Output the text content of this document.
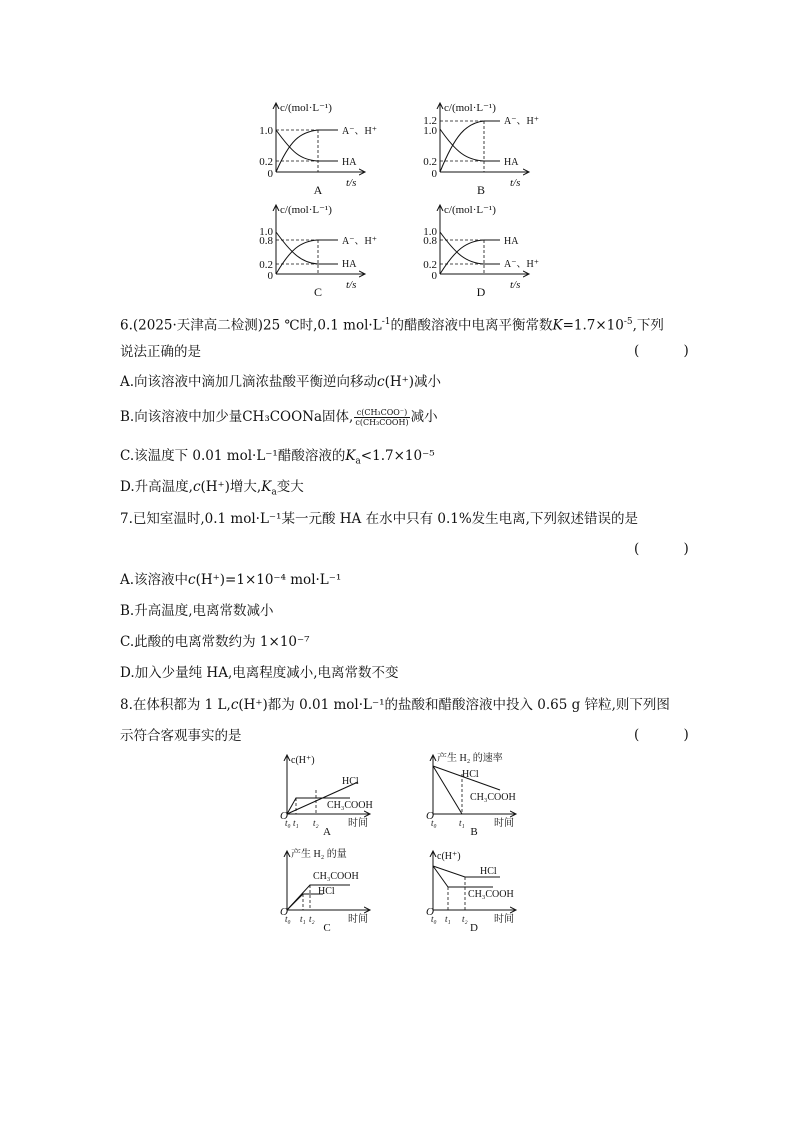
c/(mol·L⁻¹)
1.0
0.2
0
A⁻、H⁺
HA
t/s
A
c/(mol·L⁻¹)
1.2
1.0
0.2
0
A⁻、H⁺
HA
t/s
B
c/(mol·L⁻¹)
1.0
0.8
0.2
0
A⁻、H⁺
HA
t/s
C
c/(mol·L⁻¹)
1.0
0.8
0.2
0
HA
A⁻、H⁺
t/s
D
6.(2025·天津高二检测)25 ℃时,0.1 $mol\cdot L^{-1}$的醋酸溶液中电离平衡常数$K=1.7\times 10^{-5}$,下列
说法正确的是	( )
A.向该溶液中滴加几滴浓盐酸平衡逆向移动c(H⁺)减小
B.向该溶液中加少量CH₃COONa固体, $\frac{\text{c(CH₃COO⁻)}}{\text{c(CH₃COOH)}}$ 减小
C.该温度下 0.01 mol·L⁻¹醋酸溶液的$K_a<1.7\times 10^{-5}$
D.升高温度,c(H⁺)增大$,K_a$变大
7.已知室温时,0.1 mol·L⁻¹某一元酸 HA 在水中只有 0.1%发生电离,下列叙述错误的是
( )
A.该溶液中c(H⁺)=1×10⁻⁴ mol·L⁻¹
B.升高温度,电离常数减小
C.此酸的电离常数约为 1×10⁻⁷
D.加入少量纯 HA,电离程度减小,电离常数不变
8.在体积都为 1 L,c(H⁺)都为 0.01 mol·L⁻¹的盐酸和醋酸溶液中投入 0.65 g 锌粒,则下列图
示符合客观事实的是	( )
c(H⁺)
HCl
CH₃COOH
O
t₀ t₁ t₂	时间
A
产生 H₂ 的速率
HCl
CH₃COOH
O
t₀ t₁	时间
B
产生 H₂ 的量
CH₃COOH
HCl
O
t₀ t₁ t₂	时间
C
c(H⁺)
HCl
CH₃COOH
O
t₀ t₁ t₂	时间
D
